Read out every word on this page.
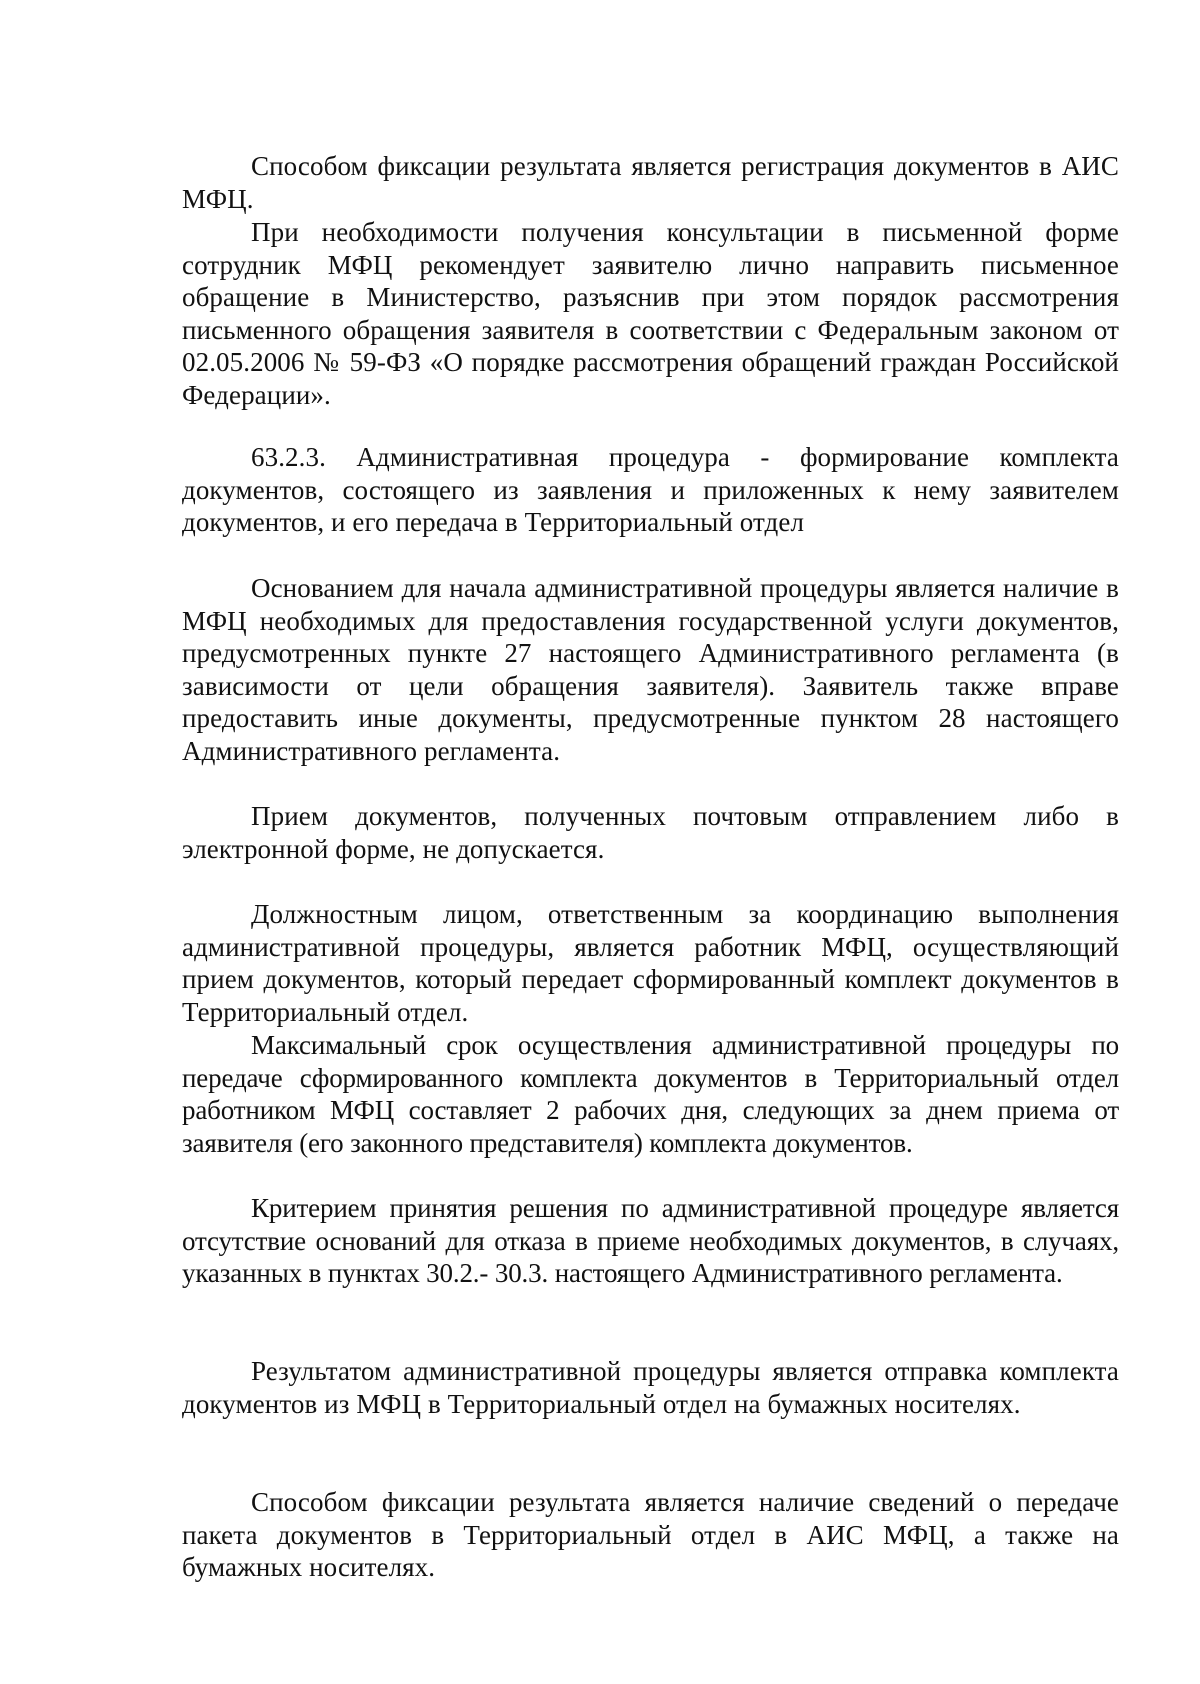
Способом фиксации результата является регистрация документов в АИС МФЦ.

При необходимости получения консультации в письменной форме сотрудник МФЦ рекомендует заявителю лично направить письменное обращение в Министерство, разъяснив при этом порядок рассмотрения письменного обращения заявителя в соответствии с Федеральным законом от 02.05.2006 № 59-ФЗ «О порядке рассмотрения обращений граждан Российской Федерации».

63.2.3. Административная процедура - формирование комплекта документов, состоящего из заявления и приложенных к нему заявителем документов, и его передача в Территориальный отдел

Основанием для начала административной процедуры является наличие в МФЦ необходимых для предоставления государственной услуги документов, предусмотренных пункте 27 настоящего Административного регламента (в зависимости от цели обращения заявителя). Заявитель также вправе предоставить иные документы, предусмотренные пунктом 28 настоящего Административного регламента.

Прием документов, полученных почтовым отправлением либо в электронной форме, не допускается.

Должностным лицом, ответственным за координацию выполнения административной процедуры, является работник МФЦ, осуществляющий прием документов, который передает сформированный комплект документов в Территориальный отдел.

Максимальный срок осуществления административной процедуры по передаче сформированного комплекта документов в Территориальный отдел работником МФЦ составляет 2 рабочих дня, следующих за днем приема от заявителя (его законного представителя) комплекта документов.

Критерием принятия решения по административной процедуре является отсутствие оснований для отказа в приеме необходимых документов, в случаях, указанных в пунктах 30.2.- 30.3. настоящего Административного регламента.

Результатом административной процедуры является отправка комплекта документов из МФЦ в Территориальный отдел на бумажных носителях.

Способом фиксации результата является наличие сведений о передаче пакета документов в Территориальный отдел в АИС МФЦ, а также на бумажных носителях.
